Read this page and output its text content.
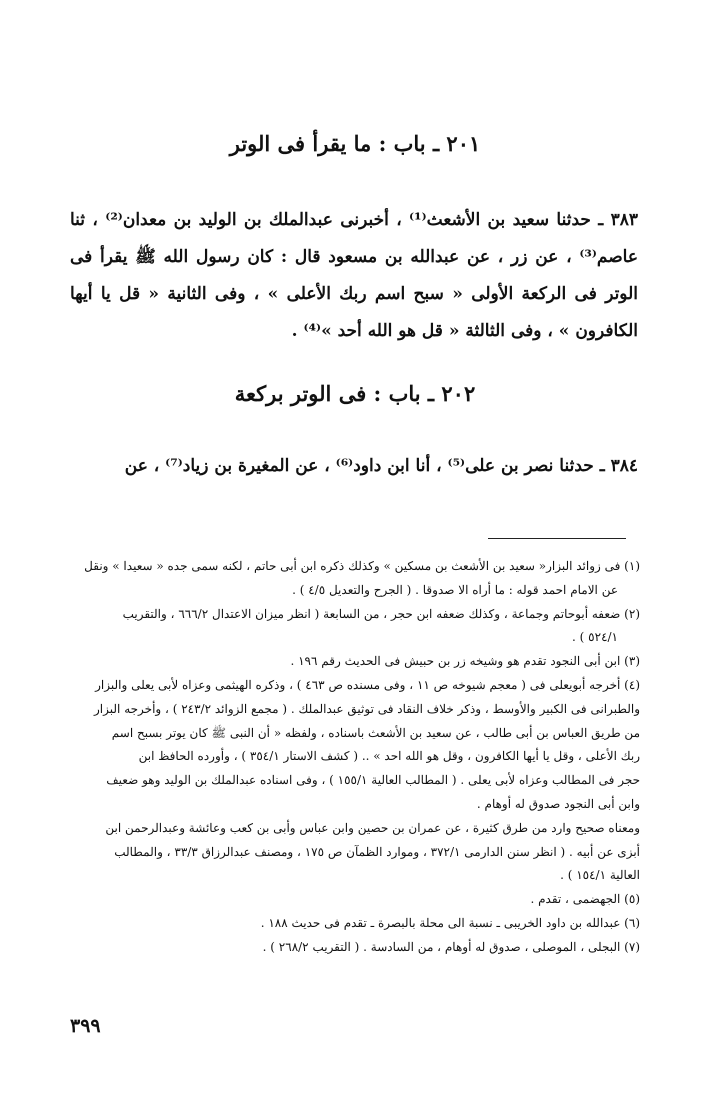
٢٠١ ـ باب : ما يقرأ فى الوتر
٣٨٣ ـ حدثنا سعيد بن الأشعث⁽¹⁾ ، أخبرنى عبدالملك بن الوليد بن معدان⁽²⁾ ، ثنا عاصم⁽³⁾ ، عن زر ، عن عبدالله بن مسعود قال : كان رسول الله ﷺ يقرأ فى الوتر فى الركعة الأولى « سبح اسم ربك الأعلى » ، وفى الثانية « قل يا أيها الكافرون » ، وفى الثالثة « قل هو الله أحد »⁽⁴⁾ .
٢٠٢ ـ باب : فى الوتر بركعة
٣٨٤ ـ حدثنا نصر بن على⁽⁵⁾ ، أنا ابن داود⁽⁶⁾ ، عن المغيرة بن زياد⁽⁷⁾ ، عن

(١) فى زوائد البزار« سعيد بن الأشعث بن مسكين » وكذلك ذكره ابن أبى حاتم ، لكنه سمى جده « سعيدا » ونقل

عن الامام احمد قوله : ما أراه الا صدوقا . ( الجرح والتعديل ٤/٥ ) .

(٢) ضعفه أبوحاتم وجماعة ، وكذلك ضعفه ابن حجر ، من السابعة ( انظر ميزان الاعتدال ٦٦٦/٢ ، والتقريب

٥٢٤/١ ) .

(٣) ابن أبى النجود تقدم هو وشيخه زر بن حبيش فى الحديث رقم ١٩٦ .

(٤) أخرجه أبويعلى فى ( معجم شيوخه ص ١١ ، وفى مسنده ص ٤٦٣ ) ، وذكره الهيثمى وعزاه لأبى يعلى والبزار

والطبرانى فى الكبير والأوسط ، وذكر خلاف النقاد فى توثيق عبدالملك . ( مجمع الزوائد ٢٤٣/٢ ) ، وأخرجه البزار

من طريق العباس بن أبى طالب ، عن سعيد بن الأشعث باسناده ، ولفظه « أن النبى ﷺ كان يوتر بسبح اسم

ربك الأعلى ، وقل يا أيها الكافرون ، وقل هو الله احد » .. ( كشف الاستار ٣٥٤/١ ) ، وأورده الحافظ ابن

حجر فى المطالب وعزاه لأبى يعلى . ( المطالب العالية ١٥٥/١ ) ، وفى اسناده عبدالملك بن الوليد وهو ضعيف

وابن أبى النجود صدوق له أوهام .

ومعناه صحيح وارد من طرق كثيرة ، عن عمران بن حصين وابن عباس وأبى بن كعب وعائشة وعبدالرحمن ابن

أبزى عن أبيه . ( انظر سنن الدارمى ٣٧٢/١ ، وموارد الظمآن ص ١٧٥ ، ومصنف عبدالرزاق ٣٣/٣ ، والمطالب

العالية ١٥٤/١ ) .

(٥) الجهضمى ، تقدم .

(٦) عبدالله بن داود الخريبى ـ نسبة الى محلة بالبصرة ـ تقدم فى حديث ١٨٨ .

(٧) البجلى ، الموصلى ، صدوق له أوهام ، من السادسة . ( التقريب ٢٦٨/٢ ) .

٣٩٩
